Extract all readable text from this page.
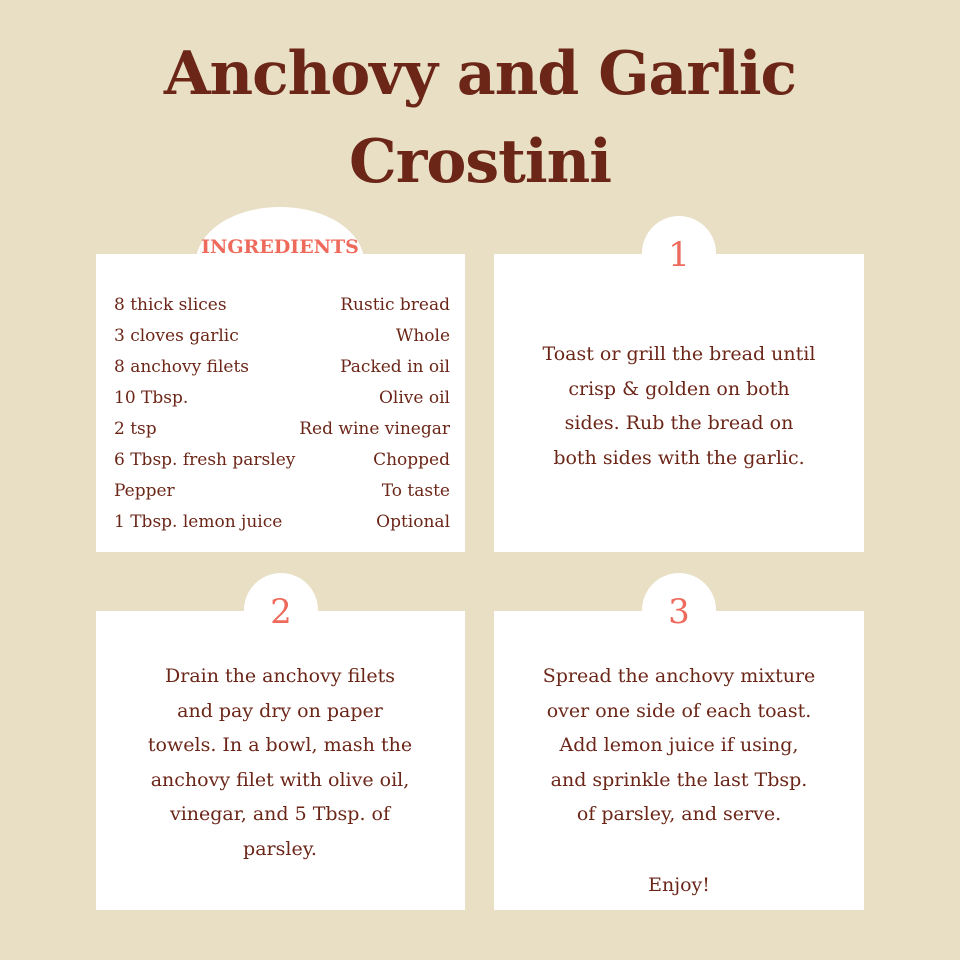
Anchovy and Garlic
Crostini
INGREDIENTS
8 thick slices	Rustic bread
3 cloves garlic	Whole
8 anchovy filets	Packed in oil
10 Tbsp.	Olive oil
2 tsp	Red wine vinegar
6 Tbsp. fresh parsley	Chopped
Pepper	To taste
1 Tbsp. lemon juice	Optional
1
Toast or grill the bread until
crisp & golden on both
sides. Rub the bread on
both sides with the garlic.
2
Drain the anchovy filets
and pay dry on paper
towels. In a bowl, mash the
anchovy filet with olive oil,
vinegar, and 5 Tbsp. of
parsley.
3
Spread the anchovy mixture
over one side of each toast.
Add lemon juice if using,
and sprinkle the last Tbsp.
of parsley, and serve.
Enjoy!
